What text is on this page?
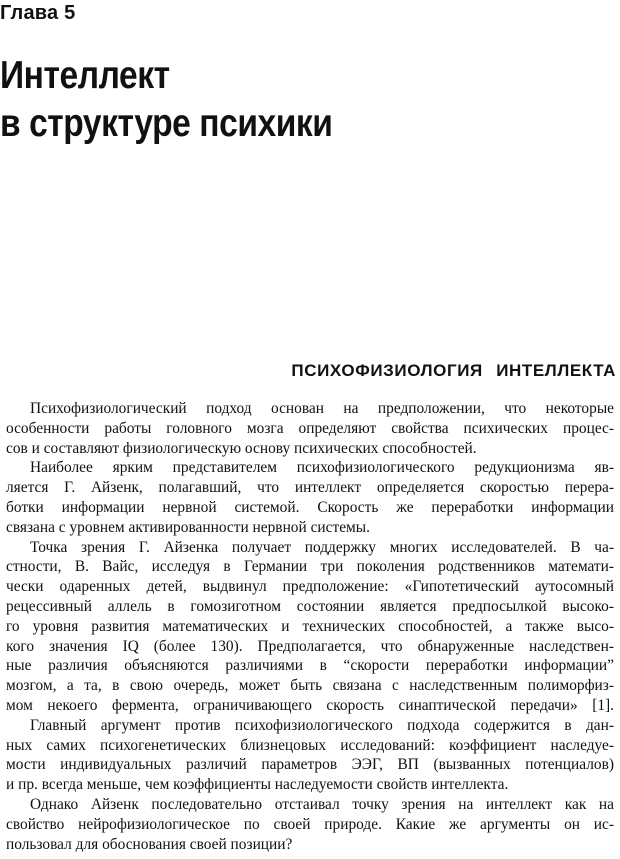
Глава 5
Интеллект
в структуре психики
ПСИХОФИЗИОЛОГИЯ ИНТЕЛЛЕКТА

Психофизиологический подход основан на предположении, что некоторые
особенности работы головного мозга определяют свойства психических процес-
сов и составляют физиологическую основу психических способностей.

Наиболее ярким представителем психофизиологического редукционизма яв-
ляется Г. Айзенк, полагавший, что интеллект определяется скоростью перера-
ботки информации нервной системой. Скорость же переработки информации
связана с уровнем активированности нервной системы.

Точка зрения Г. Айзенка получает поддержку многих исследователей. В ча-
стности, В. Вайс, исследуя в Германии три поколения родственников математи-
чески одаренных детей, выдвинул предположение: «Гипотетический аутосомный
рецессивный аллель в гомозиготном состоянии является предпосылкой высоко-
го уровня развития математических и технических способностей, а также высо-
кого значения IQ (более 130). Предполагается, что обнаруженные наследствен-
ные различия объясняются различиями в “скорости переработки информации”
мозгом, а та, в свою очередь, может быть связана с наследственным полиморфиз-
мом некоего фермента, ограничивающего скорость синаптической передачи» [1].

Главный аргумент против психофизиологического подхода содержится в дан-
ных самих психогенетических близнецовых исследований: коэффициент наследуе-
мости индивидуальных различий параметров ЭЭГ, ВП (вызванных потенциалов)
и пр. всегда меньше, чем коэффициенты наследуемости свойств интеллекта.

Однако Айзенк последовательно отстаивал точку зрения на интеллект как на
свойство нейрофизиологическое по своей природе. Какие же аргументы он ис-
пользовал для обоснования своей позиции?
